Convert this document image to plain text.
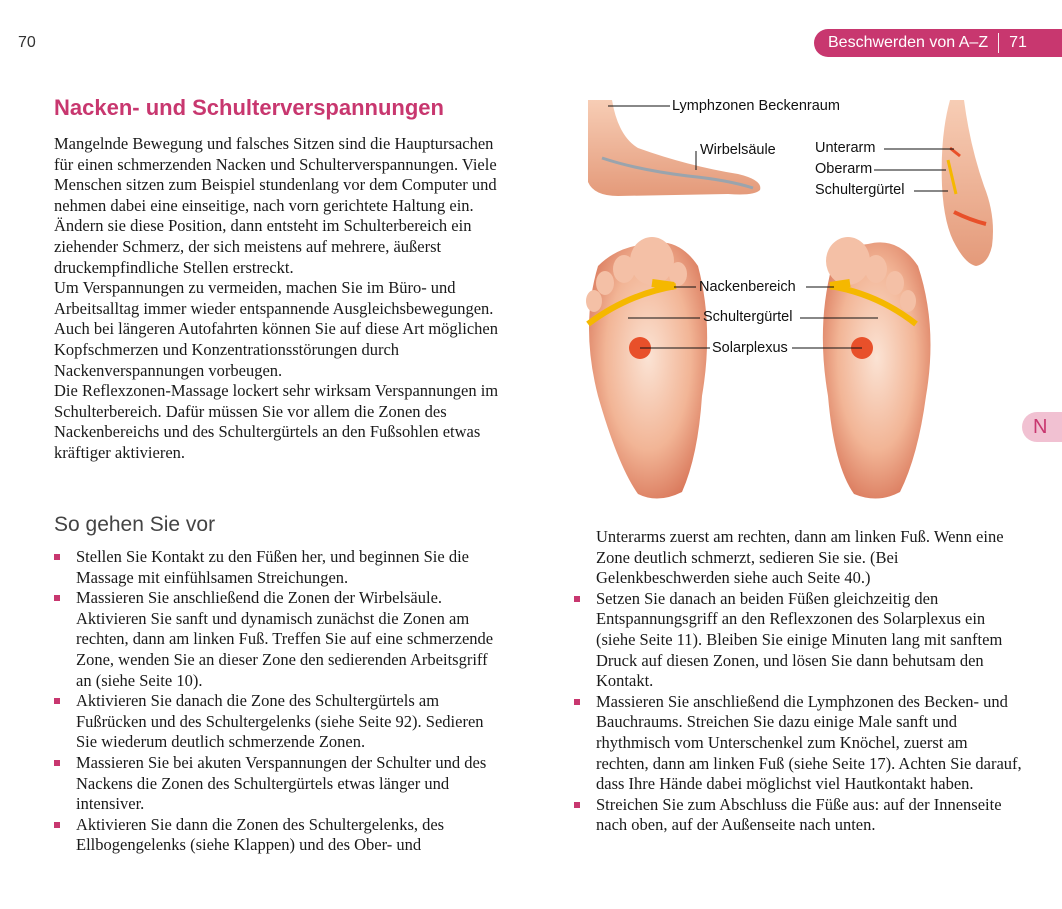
70	Beschwerden von A–Z 71
N
Nacken- und Schulterverspannungen

Mangelnde Bewegung und falsches Sitzen sind die Hauptursachen für einen schmerzenden Nacken und Schulterverspannungen. Viele Menschen sitzen zum Beispiel stundenlang vor dem Computer und nehmen dabei eine einseitige, nach vorn gerichtete Haltung ein. Ändern sie diese Position, dann entsteht im Schulterbereich ein ziehender Schmerz, der sich meistens auf mehrere, äußerst druckempfindliche Stellen erstreckt.

Um Verspannungen zu vermeiden, machen Sie im Büro- und Arbeitsalltag immer wieder entspannende Ausgleichsbewegungen. Auch bei längeren Autofahrten können Sie auf diese Art möglichen Kopfschmerzen und Konzentrationsstörungen durch Nackenverspannungen vorbeugen.

Die Reflexzonen-Massage lockert sehr wirksam Verspannungen im Schulterbereich. Dafür müssen Sie vor allem die Zonen des Nackenbereichs und des Schultergürtels an den Fußsohlen etwas kräftiger aktivieren.

So gehen Sie vor
Stellen Sie Kontakt zu den Füßen her, und beginnen Sie die Massage mit einfühlsamen Streichungen.
Massieren Sie anschließend die Zonen der Wirbelsäule. Aktivieren Sie sanft und dynamisch zunächst die Zonen am rechten, dann am linken Fuß. Treffen Sie auf eine schmerzende Zone, wenden Sie an dieser Zone den sedierenden Arbeitsgriff an (siehe Seite 10).
Aktivieren Sie danach die Zone des Schultergürtels am Fußrücken und des Schultergelenks (siehe Seite 92). Sedieren Sie wiederum deutlich schmerzende Zonen.
Massieren Sie bei akuten Verspannungen der Schulter und des Nackens die Zonen des Schultergürtels etwas länger und intensiver.
Aktivieren Sie dann die Zonen des Schultergelenks, des Ellbogengelenks (siehe Klappen) und des Ober- und
Lymphzonen Beckenraum
Wirbelsäule	Unterarm
Oberarm
Schultergürtel
Nackenbereich
Schultergürtel
Solarplexus
Unterarms zuerst am rechten, dann am linken Fuß. Wenn eine Zone deutlich schmerzt, sedieren Sie sie. (Bei Gelenkbeschwerden siehe auch Seite 40.)
Setzen Sie danach an beiden Füßen gleichzeitig den Entspannungsgriff an den Reflexzonen des Solarplexus ein (siehe Seite 11). Bleiben Sie einige Minuten lang mit sanftem Druck auf diesen Zonen, und lösen Sie dann behutsam den Kontakt.
Massieren Sie anschließend die Lymphzonen des Becken- und Bauchraums. Streichen Sie dazu einige Male sanft und rhythmisch vom Unterschenkel zum Knöchel, zuerst am rechten, dann am linken Fuß (siehe Seite 17). Achten Sie darauf, dass Ihre Hände dabei möglichst viel Hautkontakt haben.
Streichen Sie zum Abschluss die Füße aus: auf der Innenseite nach oben, auf der Außenseite nach unten.
